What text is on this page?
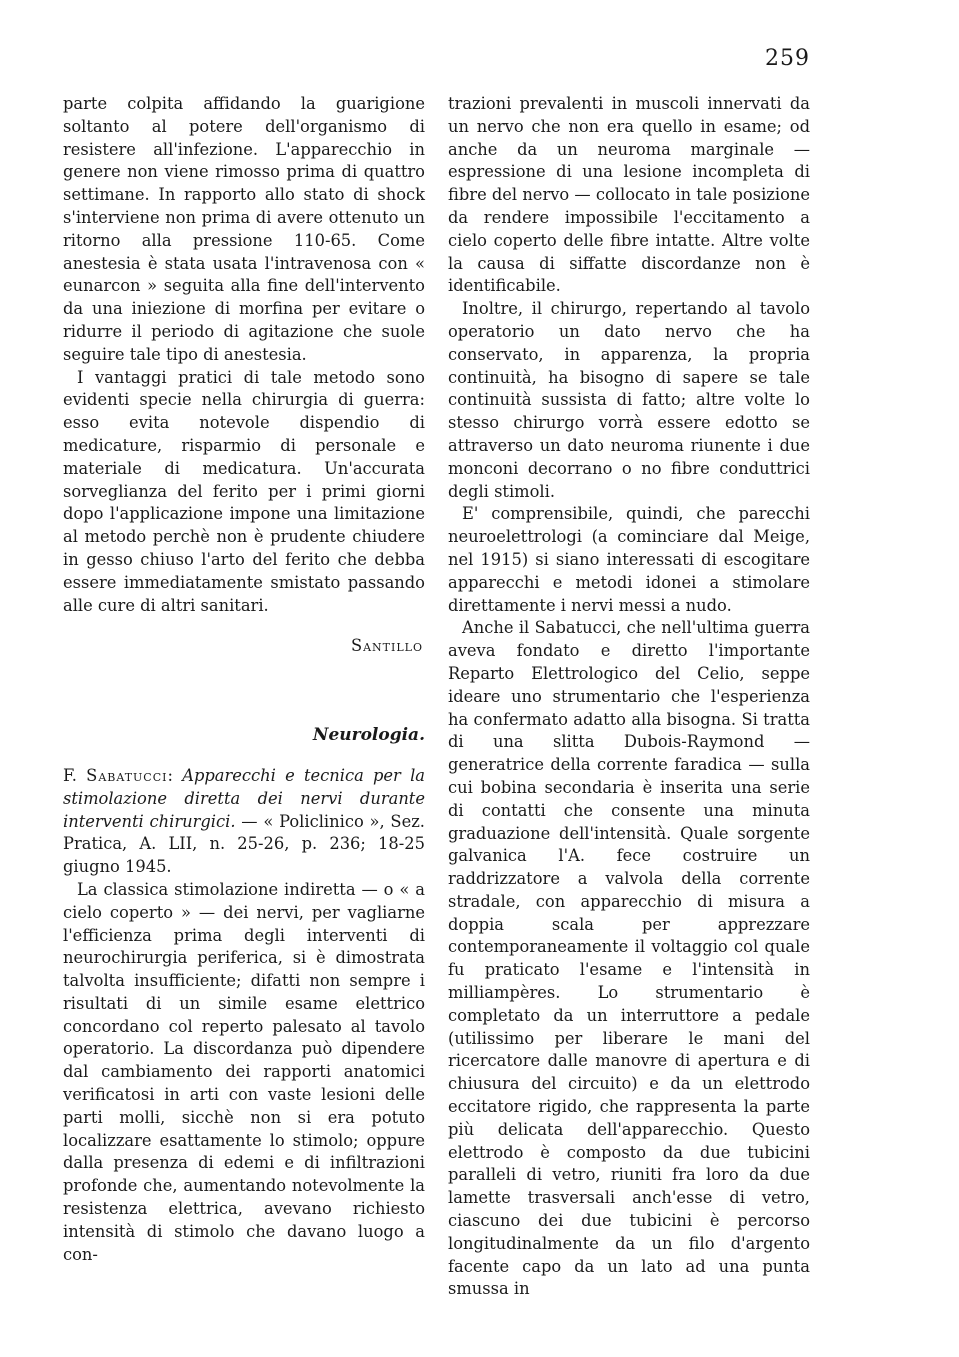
259

parte colpita affidando la guarigione soltanto al potere dell'organismo di resistere all'infezione. L'apparecchio in genere non viene rimosso prima di quattro settimane. In rapporto allo stato di shock s'interviene non prima di avere ottenuto un ritorno alla pressione 110-65. Come anestesia è stata usata l'intravenosa con « eunarcon » seguita alla fine dell'intervento da una iniezione di morfina per evitare o ridurre il periodo di agitazione che suole seguire tale tipo di anestesia.

I vantaggi pratici di tale metodo sono evidenti specie nella chirurgia di guerra: esso evita notevole dispendio di medicature, risparmio di personale e materiale di medicatura. Un'accurata sorveglianza del ferito per i primi giorni dopo l'applicazione impone una limitazione al metodo perchè non è prudente chiudere in gesso chiuso l'arto del ferito che debba essere immediatamente smistato passando alle cure di altri sanitari.

Santillo
Neurologia.

F. Sabatucci: Apparecchi e tecnica per la stimolazione diretta dei nervi durante interventi chirurgici. — « Policlinico », Sez. Pratica, A. LII, n. 25-26, p. 236; 18-25 giugno 1945.

La classica stimolazione indiretta — o « a cielo coperto » — dei nervi, per vagliarne l'efficienza prima degli interventi di neurochirurgia periferica, si è dimostrata talvolta insufficiente; difatti non sempre i risultati di un simile esame elettrico concordano col reperto palesato al tavolo operatorio. La discordanza può dipendere dal cambiamento dei rapporti anatomici verificatosi in arti con vaste lesioni delle parti molli, sicchè non si era potuto localizzare esattamente lo stimolo; oppure dalla presenza di edemi e di infiltrazioni profonde che, aumentando notevolmente la resistenza elettrica, avevano richiesto intensità di stimolo che davano luogo a con-

trazioni prevalenti in muscoli innervati da un nervo che non era quello in esame; od anche da un neuroma marginale — espressione di una lesione incompleta di fibre del nervo — collocato in tale posizione da rendere impossibile l'eccitamento a cielo coperto delle fibre intatte. Altre volte la causa di siffatte discordanze non è identificabile.

Inoltre, il chirurgo, repertando al tavolo operatorio un dato nervo che ha conservato, in apparenza, la propria continuità, ha bisogno di sapere se tale continuità sussista di fatto; altre volte lo stesso chirurgo vorrà essere edotto se attraverso un dato neuroma riunente i due monconi decorrano o no fibre conduttrici degli stimoli.

E' comprensibile, quindi, che parecchi neuroelettrologi (a cominciare dal Meige, nel 1915) si siano interessati di escogitare apparecchi e metodi idonei a stimolare direttamente i nervi messi a nudo.

Anche il Sabatucci, che nell'ultima guerra aveva fondato e diretto l'importante Reparto Elettrologico del Celio, seppe ideare uno strumentario che l'esperienza ha confermato adatto alla bisogna. Si tratta di una slitta Dubois-Raymond — generatrice della corrente faradica — sulla cui bobina secondaria è inserita una serie di contatti che consente una minuta graduazione dell'intensità. Quale sorgente galvanica l'A. fece costruire un raddrizzatore a valvola della corrente stradale, con apparecchio di misura a doppia scala per apprezzare contemporaneamente il voltaggio col quale fu praticato l'esame e l'intensità in milliampères. Lo strumentario è completato da un interruttore a pedale (utilissimo per liberare le mani del ricercatore dalle manovre di apertura e di chiusura del circuito) e da un elettrodo eccitatore rigido, che rappresenta la parte più delicata dell'apparecchio. Questo elettrodo è composto da due tubicini paralleli di vetro, riuniti fra loro da due lamette trasversali anch'esse di vetro, ciascuno dei due tubicini è percorso longitudinalmente da un filo d'argento facente capo da un lato ad una punta smussa in
